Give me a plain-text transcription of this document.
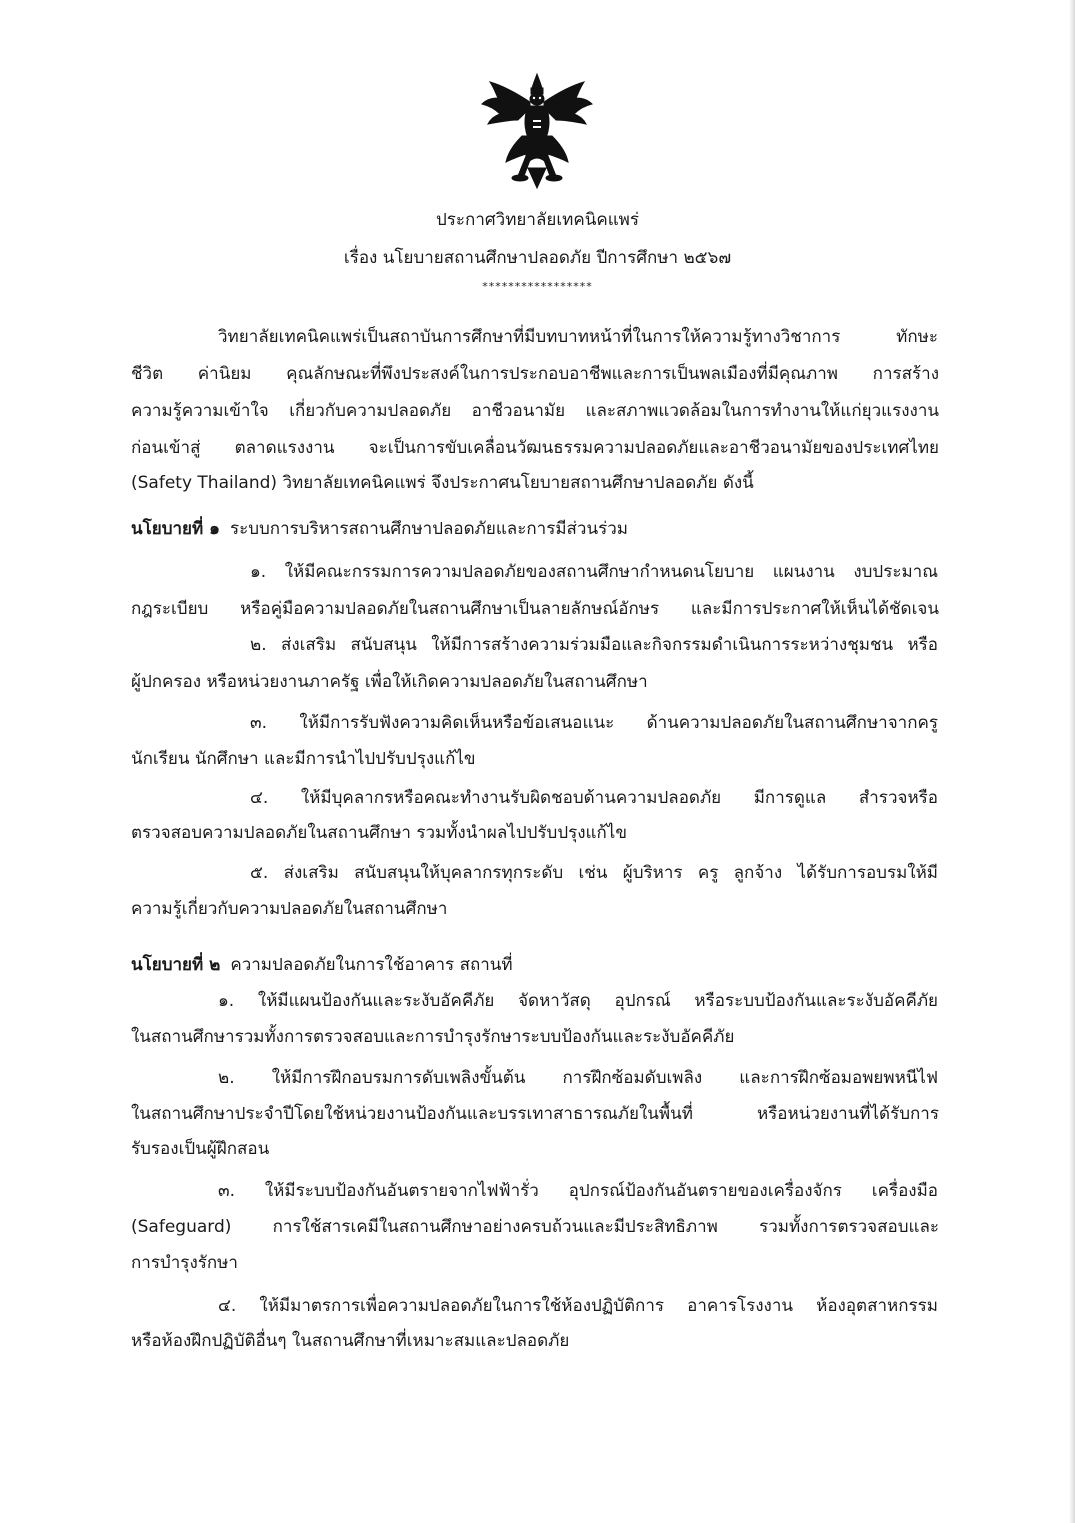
ประกาศวิทยาลัยเทคนิคแพร่
เรื่อง นโยบายสถานศึกษาปลอดภัย ปีการศึกษา ๒๕๖๗
*****************
วิทยาลัยเทคนิคแพร่เป็นสถาบันการศึกษาที่มีบทบาทหน้าที่ในการให้ความรู้ทางวิชาการ ทักษะ
ชีวิต ค่านิยม คุณลักษณะที่พึงประสงค์ในการประกอบอาชีพและการเป็นพลเมืองที่มีคุณภาพ การสร้าง
ความรู้ความเข้าใจ เกี่ยวกับความปลอดภัย อาชีวอนามัย และสภาพแวดล้อมในการทำงานให้แก่ยุวแรงงาน
ก่อนเข้าสู่ ตลาดแรงงาน จะเป็นการขับเคลื่อนวัฒนธรรมความปลอดภัยและอาชีวอนามัยของประเทศไทย
(Safety Thailand) วิทยาลัยเทคนิคแพร่ จึงประกาศนโยบายสถานศึกษาปลอดภัย ดังนี้
นโยบายที่ ๑ ระบบการบริหารสถานศึกษาปลอดภัยและการมีส่วนร่วม
๑. ให้มีคณะกรรมการความปลอดภัยของสถานศึกษากำหนดนโยบาย แผนงาน งบประมาณ
กฎระเบียบ หรือคู่มือความปลอดภัยในสถานศึกษาเป็นลายลักษณ์อักษร และมีการประกาศให้เห็นได้ชัดเจน
๒. ส่งเสริม สนับสนุน ให้มีการสร้างความร่วมมือและกิจกรรมดำเนินการระหว่างชุมชน หรือ
ผู้ปกครอง หรือหน่วยงานภาครัฐ เพื่อให้เกิดความปลอดภัยในสถานศึกษา
๓. ให้มีการรับฟังความคิดเห็นหรือข้อเสนอแนะ ด้านความปลอดภัยในสถานศึกษาจากครู
นักเรียน นักศึกษา และมีการนำไปปรับปรุงแก้ไข
๔. ให้มีบุคลากรหรือคณะทำงานรับผิดชอบด้านความปลอดภัย มีการดูแล สำรวจหรือ
ตรวจสอบความปลอดภัยในสถานศึกษา รวมทั้งนำผลไปปรับปรุงแก้ไข
๕. ส่งเสริม สนับสนุนให้บุคลากรทุกระดับ เช่น ผู้บริหาร ครู ลูกจ้าง ได้รับการอบรมให้มี
ความรู้เกี่ยวกับความปลอดภัยในสถานศึกษา
นโยบายที่ ๒ ความปลอดภัยในการใช้อาคาร สถานที่
๑. ให้มีแผนป้องกันและระงับอัคคีภัย จัดหาวัสดุ อุปกรณ์ หรือระบบป้องกันและระงับอัคคีภัย
ในสถานศึกษารวมทั้งการตรวจสอบและการบำรุงรักษาระบบป้องกันและระงับอัคคีภัย
๒. ให้มีการฝึกอบรมการดับเพลิงขั้นต้น การฝึกซ้อมดับเพลิง และการฝึกซ้อมอพยพหนีไฟ
ในสถานศึกษาประจำปีโดยใช้หน่วยงานป้องกันและบรรเทาสาธารณภัยในพื้นที่ หรือหน่วยงานที่ได้รับการ
รับรองเป็นผู้ฝึกสอน
๓. ให้มีระบบป้องกันอันตรายจากไฟฟ้ารั่ว อุปกรณ์ป้องกันอันตรายของเครื่องจักร เครื่องมือ
(Safeguard) การใช้สารเคมีในสถานศึกษาอย่างครบถ้วนและมีประสิทธิภาพ รวมทั้งการตรวจสอบและ
การบำรุงรักษา
๔. ให้มีมาตรการเพื่อความปลอดภัยในการใช้ห้องปฏิบัติการ อาคารโรงงาน ห้องอุตสาหกรรม
หรือห้องฝึกปฏิบัติอื่นๆ ในสถานศึกษาที่เหมาะสมและปลอดภัย
